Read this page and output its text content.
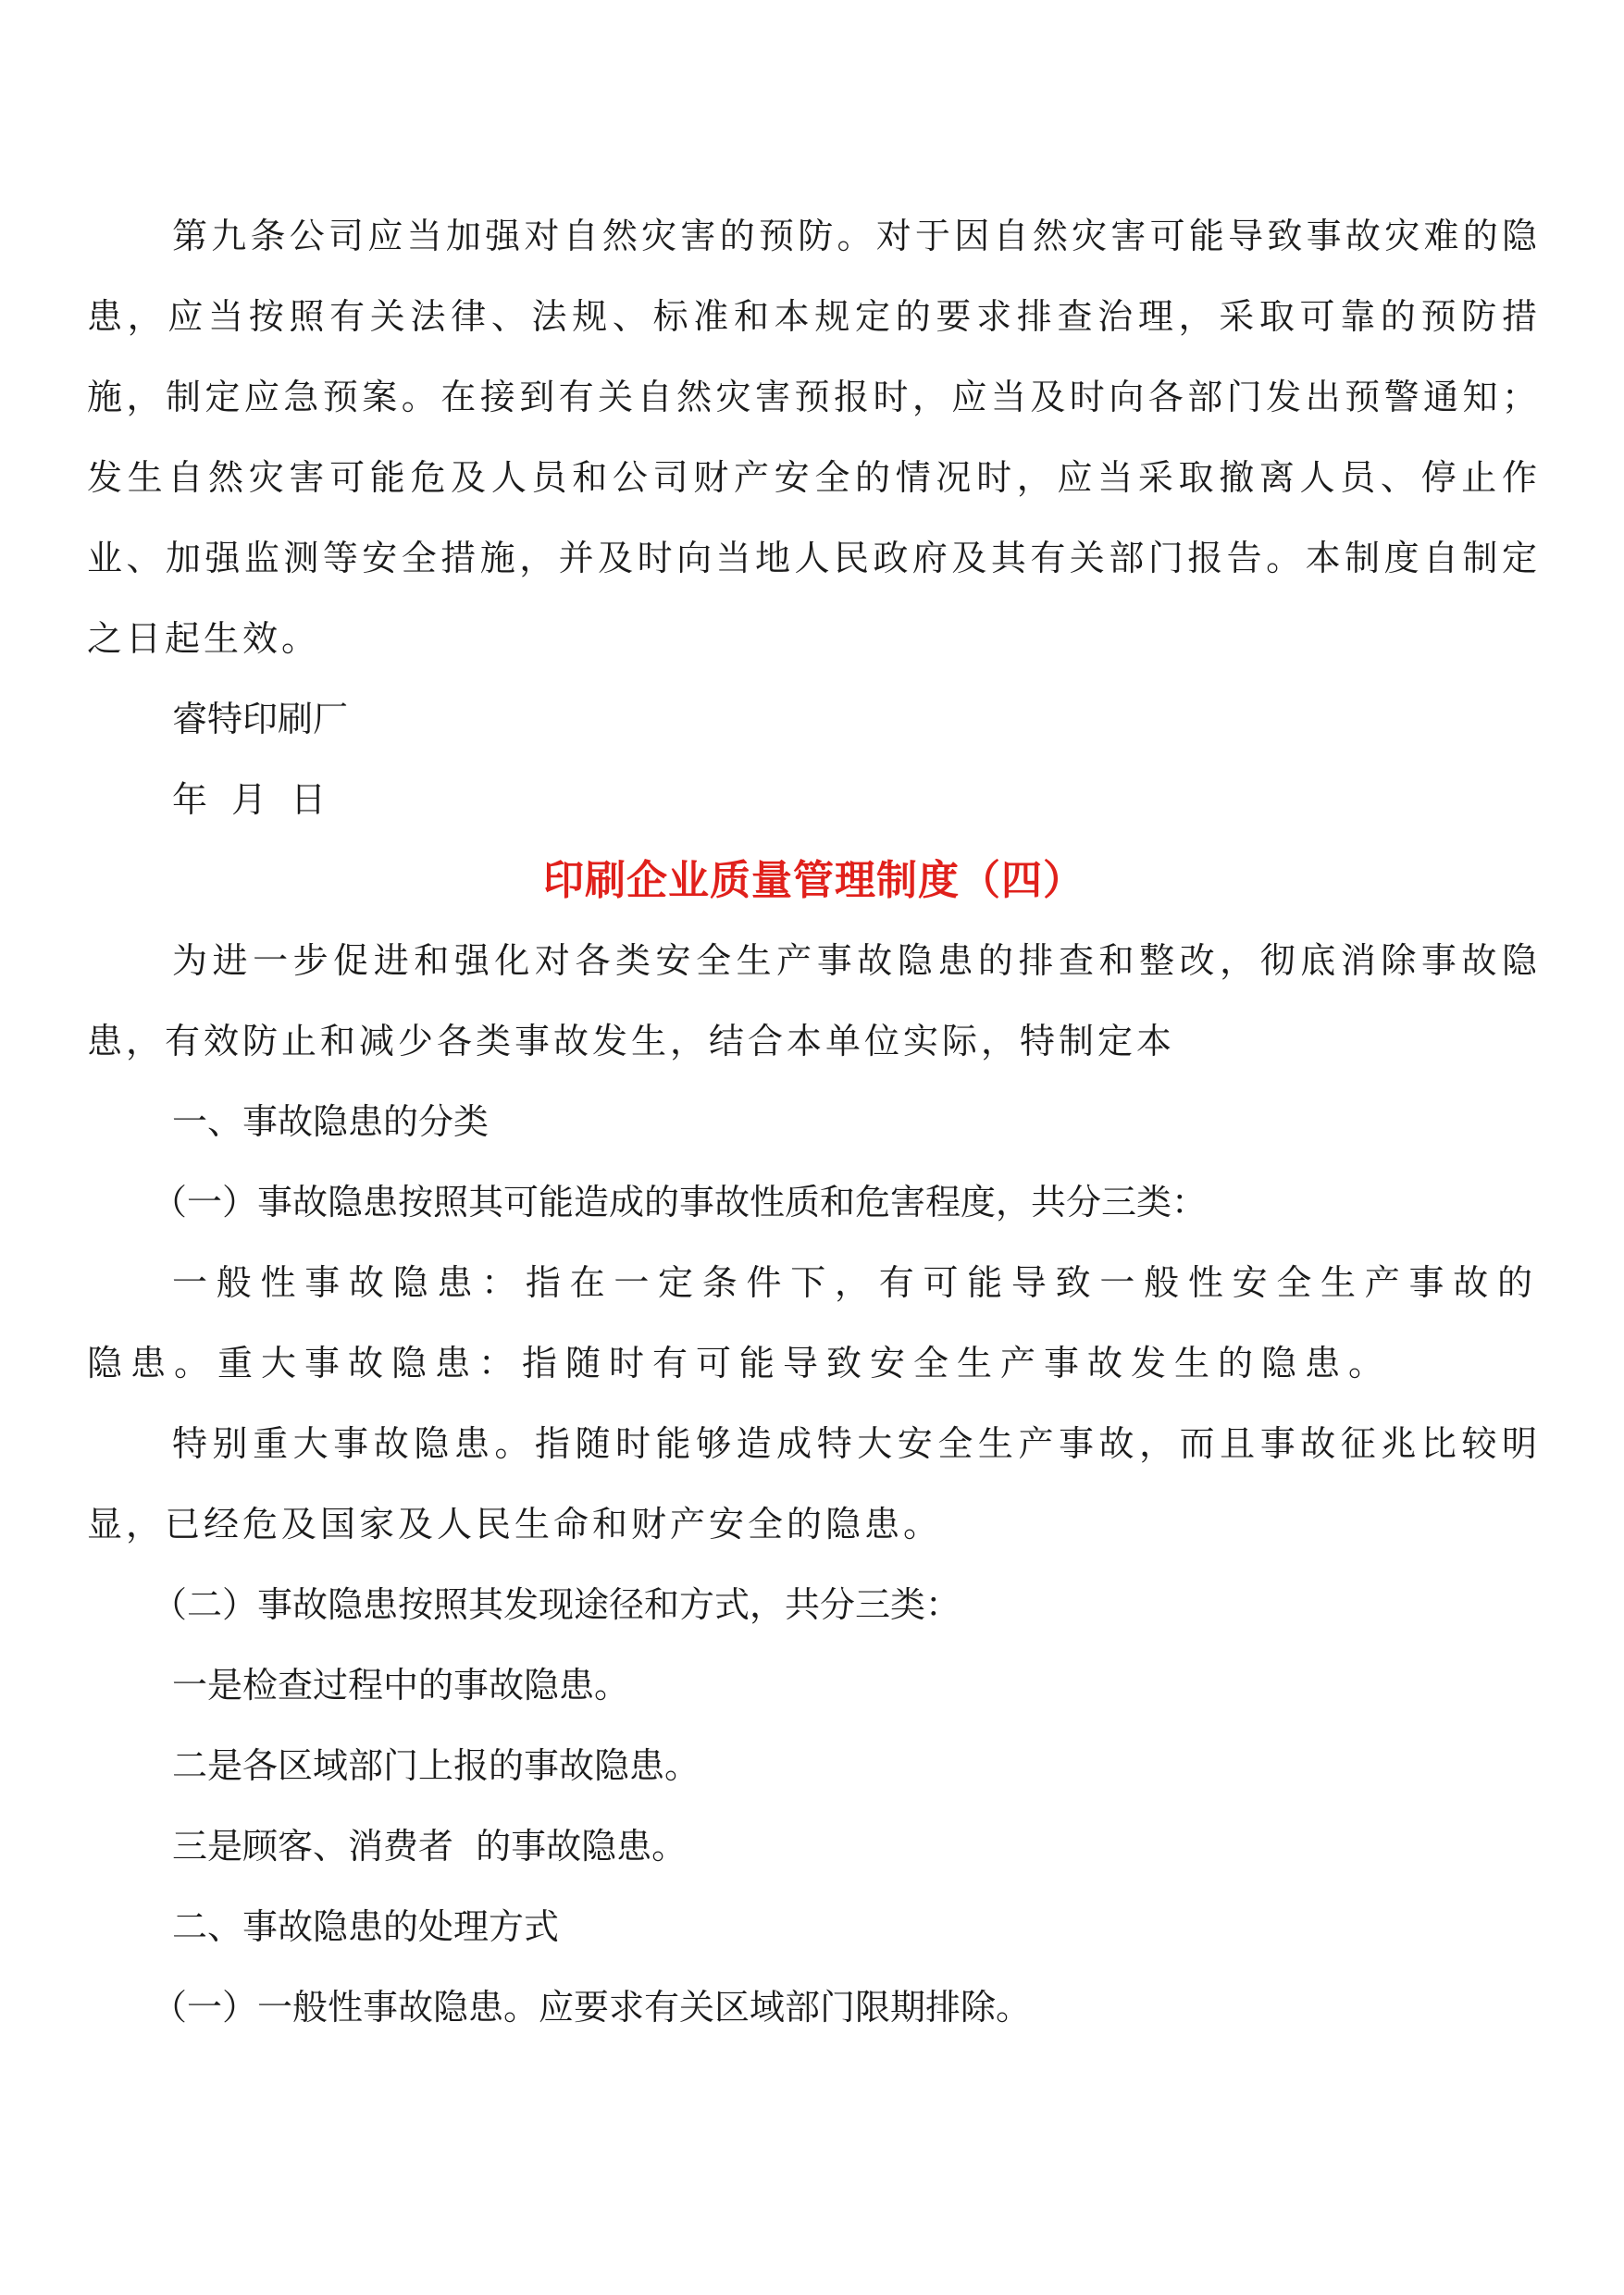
第九条公司应当加强对自然灾害的预防。对于因自然灾害可能导致事故灾难的隐患，应当按照有关法律、法规、标准和本规定的要求排查治理，采取可靠的预防措施，制定应急预案。在接到有关自然灾害预报时，应当及时向各部门发出预警通知；发生自然灾害可能危及人员和公司财产安全的情况时，应当采取撤离人员、停止作业、加强监测等安全措施，并及时向当地人民政府及其有关部门报告。本制度自制定之日起生效。

睿特印刷厂

年 月 日

印刷企业质量管理制度（四）

为进一步促进和强化对各类安全生产事故隐患的排查和整改，彻底消除事故隐患，有效防止和减少各类事故发生，结合本单位实际，特制定本

一、事故隐患的分类

（一）事故隐患按照其可能造成的事故性质和危害程度，共分三类：

一般性事故隐患：指在一定条件下，有可能导致一般性安全生产事故的隐患。重大事故隐患：指随时有可能导致安全生产事故发生的隐患。

特别重大事故隐患。指随时能够造成特大安全生产事故，而且事故征兆比较明显，已经危及国家及人民生命和财产安全的隐患。

（二）事故隐患按照其发现途径和方式，共分三类：

一是检查过程中的事故隐患。

二是各区域部门上报的事故隐患。

三是顾客、消费者  的事故隐患。

二、事故隐患的处理方式

（一）一般性事故隐患。应要求有关区域部门限期排除。
